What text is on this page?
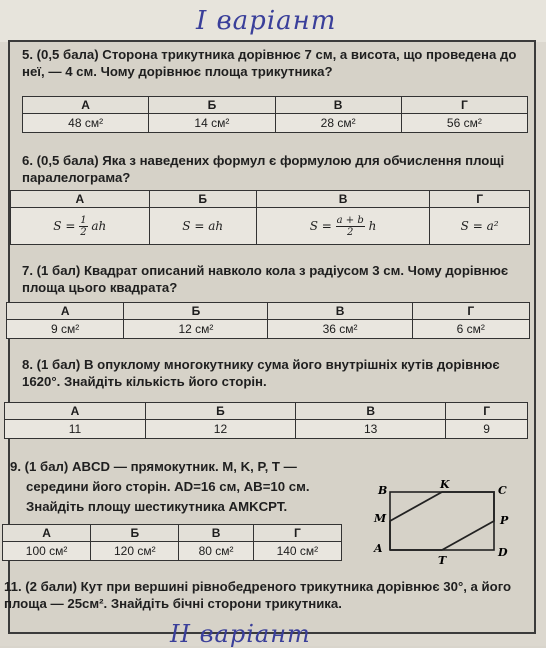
I варіант
5. (0,5 бала) Сторона трикутника дорівнює 7 см, а висота, що проведена до неї, — 4 см. Чому дорівнює площа трикутника?
А	Б	В	Г
48 см²	14 см²	28 см²	56 см²
6. (0,5 бала) Яка з наведених формул є формулою для обчислення площі паралелограма?
А	Б	В	Г
$S = \frac{1}{2}$ ah	S = ah	$S = \frac{a + b}{2}$ h	S = a²
7. (1 бал) Квадрат описаний навколо кола з радіусом 3 см. Чому дорівнює площа цього квадрата?
А	Б	В	Г
9 см²	12 см²	36 см²	6 см²
8. (1 бал) В опуклому многокутнику сума його внутрішніх кутів дорівнює 1620°. Знайдіть кількість його сторін.
А	Б	В	Г
11	12	13	9
9. (1 бал) ABCD — прямокутник. M, K, P, T —
середини його сторін. AD=16 см, AB=10 см.
Знайдіть площу шестикутника AMKCPT.
А	Б	В	Г
100 см²	120 см²	80 см²	140 см²
B	K	C
M	P
A
T
D
11. (2 бали) Кут при вершині рівнобедреного трикутника дорівнює 30°, а його площа — 25см². Знайдіть бічні сторони трикутника.
II варіант
